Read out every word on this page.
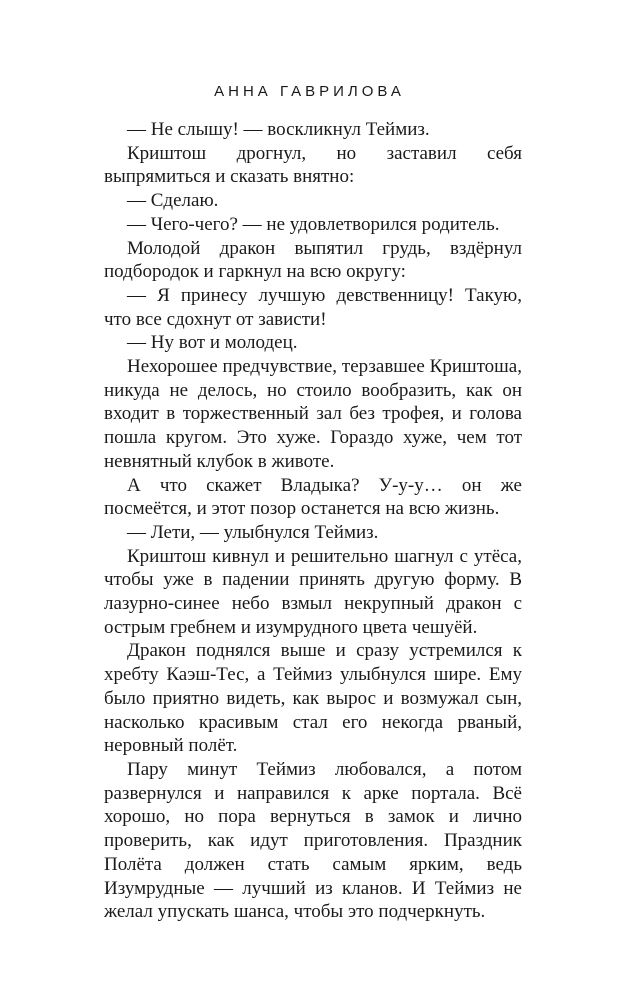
АННА ГАВРИЛОВА

— Не слышу! — воскликнул Теймиз.

Криштош дрогнул, но заставил себя выпрямиться и сказать внятно:

— Сделаю.

— Чего-чего? — не удовлетворился родитель.

Молодой дракон выпятил грудь, вздёрнул подбородок и гаркнул на всю округу:

— Я принесу лучшую девственницу! Такую, что все сдохнут от зависти!

— Ну вот и молодец.

Нехорошее предчувствие, терзавшее Криштоша, никуда не делось, но стоило вообразить, как он входит в торжественный зал без трофея, и голова пошла кругом. Это хуже. Гораздо хуже, чем тот невнятный клубок в животе.

А что скажет Владыка? У-у-у… он же посмеётся, и этот позор останется на всю жизнь.

— Лети, — улыбнулся Теймиз.

Криштош кивнул и решительно шагнул с утёса, чтобы уже в падении принять другую форму. В лазурно-синее небо взмыл некрупный дракон с острым гребнем и изумрудного цвета чешуёй.

Дракон поднялся выше и сразу устремился к хребту Каэш-Тес, а Теймиз улыбнулся шире. Ему было приятно видеть, как вырос и возмужал сын, насколько красивым стал его некогда рваный, неровный полёт.

Пару минут Теймиз любовался, а потом развернулся и направился к арке портала. Всё хорошо, но пора вернуться в замок и лично проверить, как идут приготовления. Праздник Полёта должен стать самым ярким, ведь Изумрудные — лучший из кланов. И Теймиз не желал упускать шанса, чтобы это подчеркнуть.
